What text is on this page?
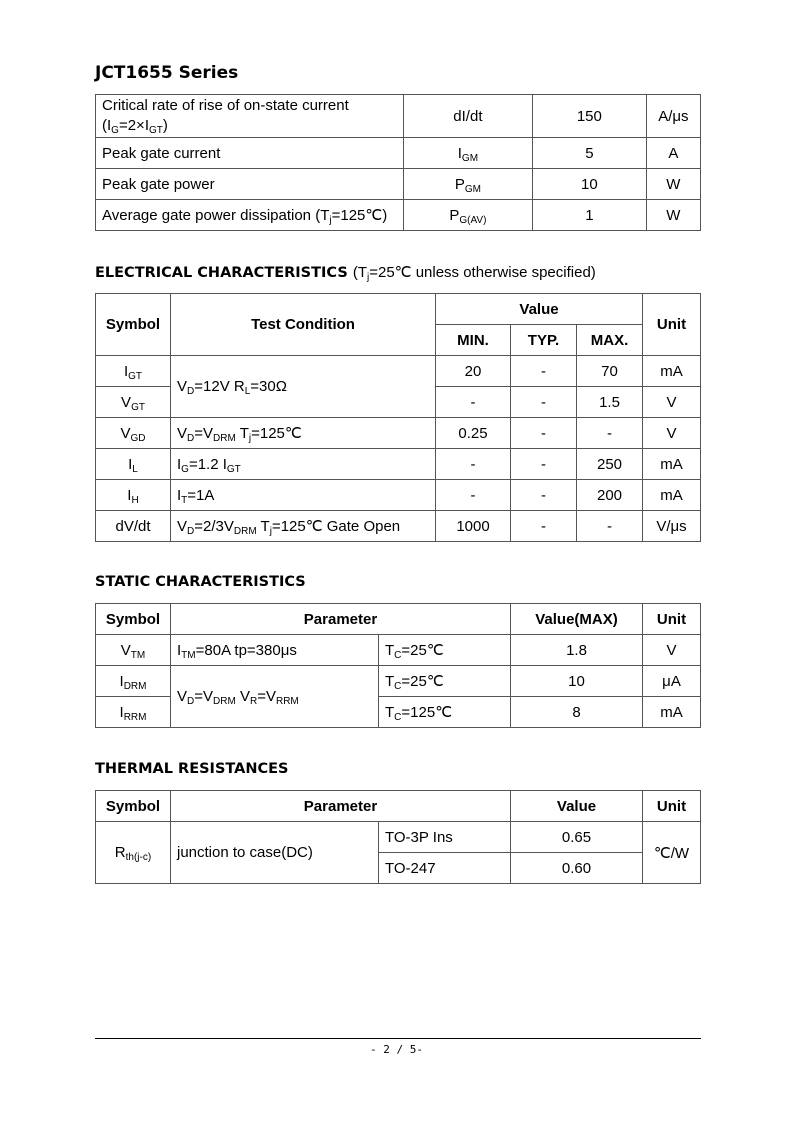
JCT1655 Series
Critical rate of rise of on-state current
$(I_G=2\times I_{GT})$	dI/dt	150	A/μs
Peak gate current	$I_{GM}$	5	A
Peak gate power	$P_{GM}$	10	W
Average gate power dissipation $(T_j=125℃)$	$P_{G(AV)}$	1	W
ELECTRICAL CHARACTERISTICS ($T_j=25℃$ unless otherwise specified)
Symbol	Test Condition	Value			Unit
		MIN.	TYP.	MAX.	
$I_{GT}$	$V_D=12V$ $R_L=30\Omega$	20	-	70	mA
$V_{GT}$		-	-	1.5	V
$V_{GD}$	$V_D=V_{DRM}$ $T_j=125℃$	0.25	-	-	V
$I_L$	$I_G=1.2$ $I_{GT}$	-	-	250	mA
$I_H$	$I_T=1A$	-	-	200	mA
dV/dt	$V_D=2/3V_{DRM}$ $T_j=125℃$ Gate Open	1000	-	-	V/μs
STATIC CHARACTERISTICS
Symbol	Parameter		Value(MAX)	Unit
$V_{TM}$	$I_{TM}=80A$ tp=380μs	$T_C=25℃$	1.8	V
$I_{DRM}$	$V_D=V_{DRM}$ $V_R=V_{RRM}$	$T_C=25℃$	10	μA
$I_{RRM}$		$T_C=125℃$	8	mA
THERMAL RESISTANCES
Symbol	Parameter		Value	Unit
$R_{th(j-c)}$	junction to case(DC)	TO-3P Ins	0.65	℃/W
		TO-247	0.60	
- 2 / 5-
